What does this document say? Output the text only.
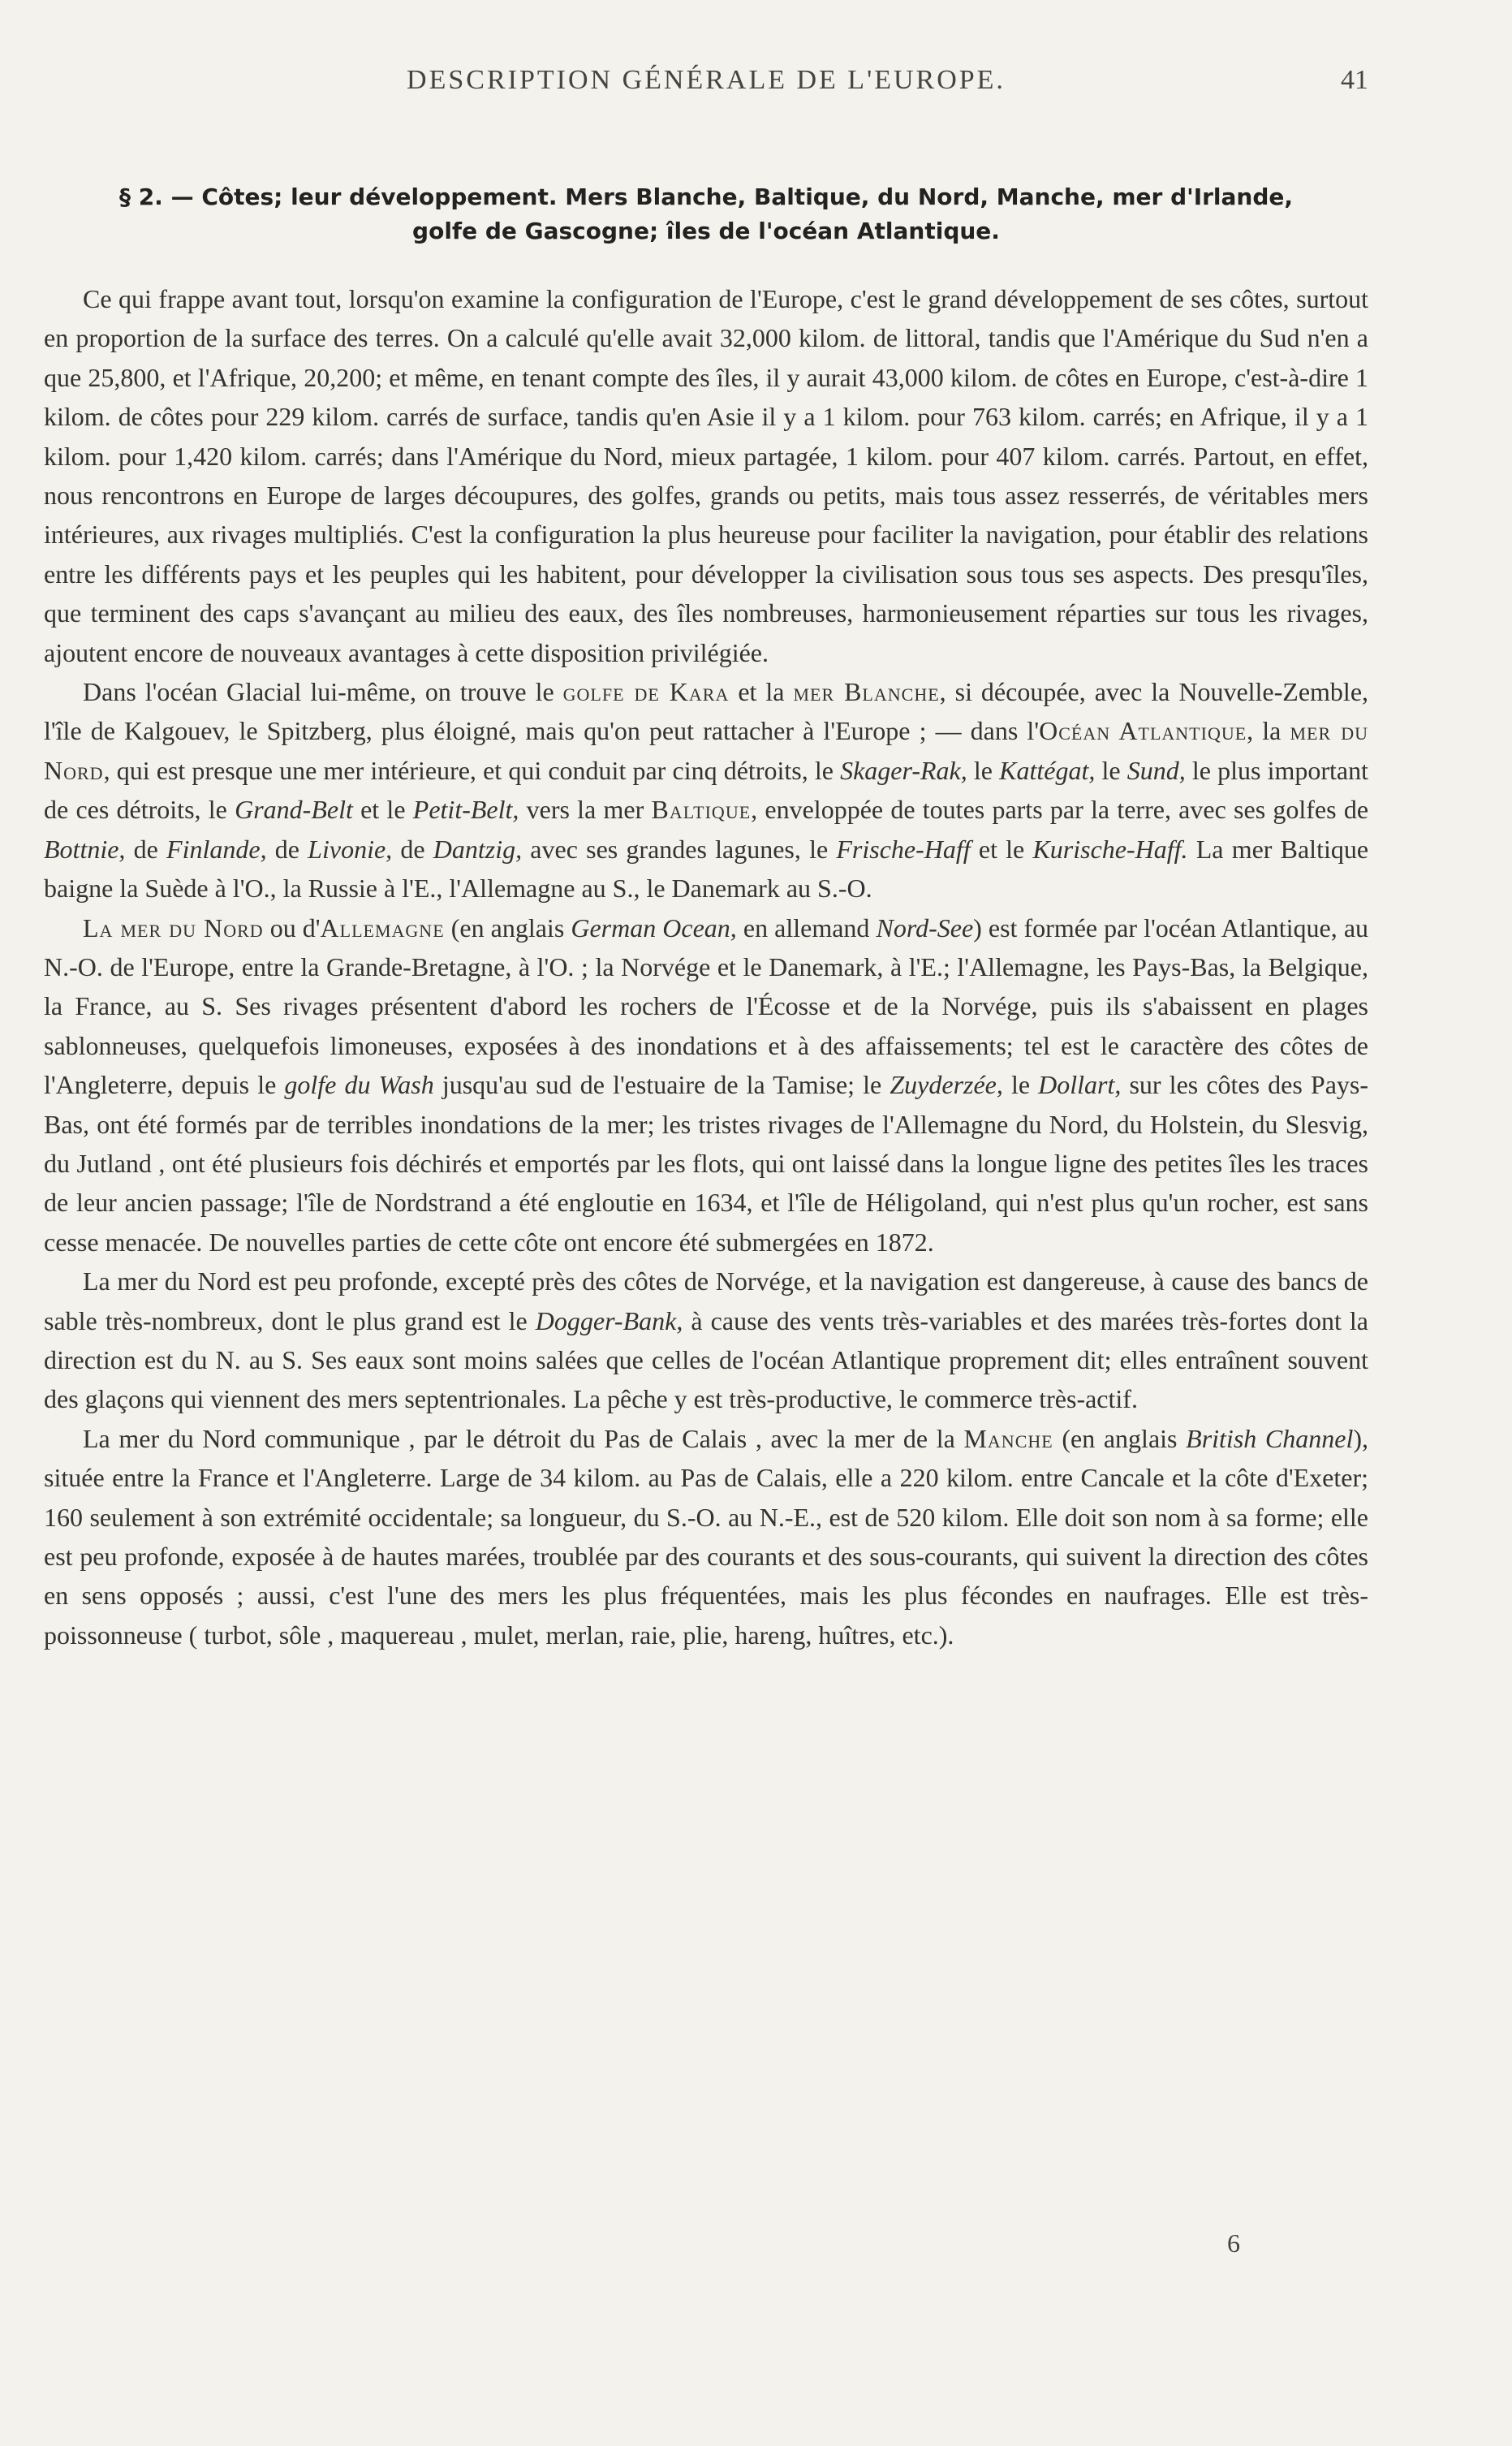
DESCRIPTION GÉNÉRALE DE L'EUROPE.	41
§ 2. — Côtes; leur développement. Mers Blanche, Baltique, du Nord, Manche, mer d'Irlande,
golfe de Gascogne; îles de l'océan Atlantique.

Ce qui frappe avant tout, lorsqu'on examine la configuration de l'Europe, c'est le grand développement de ses côtes, surtout en proportion de la surface des terres. On a calculé qu'elle avait 32,000 kilom. de littoral, tandis que l'Amérique du Sud n'en a que 25,800, et l'Afrique, 20,200; et même, en tenant compte des îles, il y aurait 43,000 kilom. de côtes en Europe, c'est-à-dire 1 kilom. de côtes pour 229 kilom. carrés de surface, tandis qu'en Asie il y a 1 kilom. pour 763 kilom. carrés; en Afrique, il y a 1 kilom. pour 1,420 kilom. carrés; dans l'Amérique du Nord, mieux partagée, 1 kilom. pour 407 kilom. carrés. Partout, en effet, nous rencontrons en Europe de larges découpures, des golfes, grands ou petits, mais tous assez resserrés, de véritables mers intérieures, aux rivages multipliés. C'est la configuration la plus heureuse pour faciliter la navigation, pour établir des relations entre les différents pays et les peuples qui les habitent, pour développer la civilisation sous tous ses aspects. Des presqu'îles, que terminent des caps s'avançant au milieu des eaux, des îles nombreuses, harmonieusement réparties sur tous les rivages, ajoutent encore de nouveaux avantages à cette disposition privilégiée.

Dans l'océan Glacial lui-même, on trouve le golfe de Kara et la mer Blanche, si découpée, avec la Nouvelle-Zemble, l'île de Kalgouev, le Spitzberg, plus éloigné, mais qu'on peut rattacher à l'Europe ; — dans l'Océan Atlantique, la mer du Nord, qui est presque une mer intérieure, et qui conduit par cinq détroits, le Skager-Rak, le Kattégat, le Sund, le plus important de ces détroits, le Grand-Belt et le Petit-Belt, vers la mer Baltique, enveloppée de toutes parts par la terre, avec ses golfes de Bottnie, de Finlande, de Livonie, de Dantzig, avec ses grandes lagunes, le Frische-Haff et le Kurische-Haff. La mer Baltique baigne la Suède à l'O., la Russie à l'E., l'Allemagne au S., le Danemark au S.-O.

La mer du Nord ou d'Allemagne (en anglais German Ocean, en allemand Nord-See) est formée par l'océan Atlantique, au N.-O. de l'Europe, entre la Grande-Bretagne, à l'O. ; la Norvége et le Danemark, à l'E.; l'Allemagne, les Pays-Bas, la Belgique, la France, au S. Ses rivages présentent d'abord les rochers de l'Écosse et de la Norvége, puis ils s'abaissent en plages sablonneuses, quelquefois limoneuses, exposées à des inondations et à des affaissements; tel est le caractère des côtes de l'Angleterre, depuis le golfe du Wash jusqu'au sud de l'estuaire de la Tamise; le Zuyderzée, le Dollart, sur les côtes des Pays-Bas, ont été formés par de terribles inondations de la mer; les tristes rivages de l'Allemagne du Nord, du Holstein, du Slesvig, du Jutland , ont été plusieurs fois déchirés et emportés par les flots, qui ont laissé dans la longue ligne des petites îles les traces de leur ancien passage; l'île de Nordstrand a été engloutie en 1634, et l'île de Héligoland, qui n'est plus qu'un rocher, est sans cesse menacée. De nouvelles parties de cette côte ont encore été submergées en 1872.

La mer du Nord est peu profonde, excepté près des côtes de Norvége, et la navigation est dangereuse, à cause des bancs de sable très-nombreux, dont le plus grand est le Dogger-Bank, à cause des vents très-variables et des marées très-fortes dont la direction est du N. au S. Ses eaux sont moins salées que celles de l'océan Atlantique proprement dit; elles entraînent souvent des glaçons qui viennent des mers septentrionales. La pêche y est très-productive, le commerce très-actif.

La mer du Nord communique , par le détroit du Pas de Calais , avec la mer de la Manche (en anglais British Channel), située entre la France et l'Angleterre. Large de 34 kilom. au Pas de Calais, elle a 220 kilom. entre Cancale et la côte d'Exeter; 160 seulement à son extrémité occidentale; sa longueur, du S.-O. au N.-E., est de 520 kilom. Elle doit son nom à sa forme; elle est peu profonde, exposée à de hautes marées, troublée par des courants et des sous-courants, qui suivent la direction des côtes en sens opposés ; aussi, c'est l'une des mers les plus fréquentées, mais les plus fécondes en naufrages. Elle est très-poissonneuse ( turbot, sôle , maquereau , mulet, merlan, raie, plie, hareng, huîtres, etc.).

6
